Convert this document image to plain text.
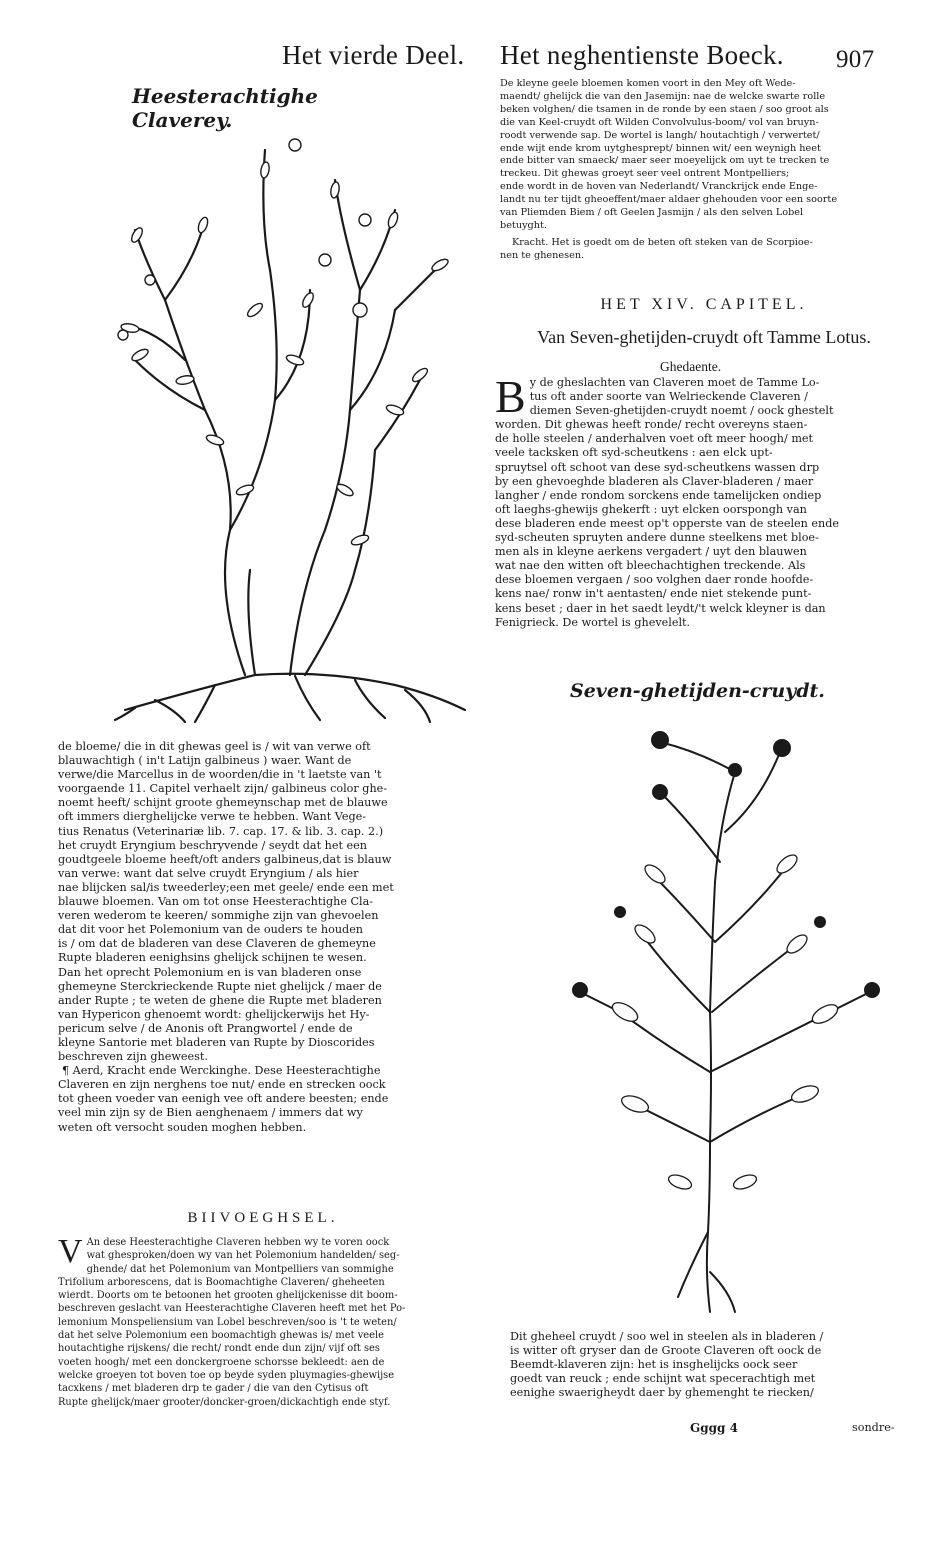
Het vierde Deel. Het neghentienste Boeck. 907
Heesterachtighe Claverey.

De kleyne geele bloemen komen voort in den Mey oft Wede-

maendt/ ghelijck die van den Jasemijn: nae de welcke swarte rolle

beken volghen/ die tsamen in de ronde by een staen / soo groot als

die van Keel-cruydt oft Wilden Convolvulus-boom/ vol van bruyn-

roodt verwende sap. De wortel is langh/ houtachtigh / verwertet/

ende wijt ende krom uytghesprept/ binnen wit/ een weynigh heet

ende bitter van smaeck/ maer seer moeyelijck om uyt te trecken te

treckeu. Dit ghewas groeyt seer veel ontrent Montpelliers;

ende wordt in de hoven van Nederlandt/ Vranckrijck ende Enge-

landt nu ter tijdt gheoeffent/maer aldaer ghehouden voor een soorte

van Pliemden Biem / oft Geelen Jasmijn / als den selven Lobel

betuyght.

Kracht. Het is goedt om de beten oft steken van de Scorpioe-

nen te ghenesen.

HET XIV. CAPITEL.
Van Seven-ghetijden-cruydt oft Tamme Lotus.
Ghedaente.
B y de gheslachten van Claveren moet de Tamme Lo-

tus oft ander soorte van Welrieckende Claveren /

diemen Seven-ghetijden-cruydt noemt / oock ghestelt

worden. Dit ghewas heeft ronde/ recht overeyns staen-

de holle steelen / anderhalven voet oft meer hoogh/ met

veele tacksken oft syd-scheutkens : aen elck upt-

spruytsel oft schoot van dese syd-scheutkens wassen drp

by een ghevoeghde bladeren als Claver-bladeren / maer

langher / ende rondom sorckens ende tamelijcken ondiep

oft laeghs-ghewijs ghekerft : uyt elcken oorspongh van

dese bladeren ende meest op't opperste van de steelen ende

syd-scheuten spruyten andere dunne steelkens met bloe-

men als in kleyne aerkens vergadert / uyt den blauwen

wat nae den witten oft bleechachtighen treckende. Als

dese bloemen vergaen / soo volghen daer ronde hoofde-

kens nae/ ronw in't aentasten/ ende niet stekende punt-

kens beset ; daer in het saedt leydt/'t welck kleyner is dan

Fenigrieck. De wortel is ghevelelt.

Seven-ghetijden-cruydt.

de bloeme/ die in dit ghewas geel is / wit van verwe oft

blauwachtigh ( in't Latijn galbineus ) waer. Want de

verwe/die Marcellus in de woorden/die in 't laetste van 't

voorgaende 11. Capitel verhaelt zijn/ galbineus color ghe-

noemt heeft/ schijnt groote ghemeynschap met de blauwe

oft immers dierghelijcke verwe te hebben. Want Vege-

tius Renatus (Veterinariæ lib. 7. cap. 17. & lib. 3. cap. 2.)

het cruydt Eryngium beschryvende / seydt dat het een

goudtgeele bloeme heeft/oft anders galbineus,dat is blauw

van verwe: want dat selve cruydt Eryngium / als hier

nae blijcken sal/is tweederley;een met geele/ ende een met

blauwe bloemen. Van om tot onse Heesterachtighe Cla-

veren wederom te keeren/ sommighe zijn van ghevoelen

dat dit voor het Polemonium van de ouders te houden

is / om dat de bladeren van dese Claveren de ghemeyne

Rupte bladeren eenighsins ghelijck schijnen te wesen.

Dan het oprecht Polemonium en is van bladeren onse

ghemeyne Sterckrieckende Rupte niet ghelijck / maer de

ander Rupte ; te weten de ghene die Rupte met bladeren

van Hypericon ghenoemt wordt: ghelijckerwijs het Hy-

pericum selve / de Anonis oft Prangwortel / ende de

kleyne Santorie met bladeren van Rupte by Dioscorides

beschreven zijn gheweest.

¶ Aerd, Kracht ende Werckinghe. Dese Heesterachtighe

Claveren en zijn nerghens toe nut/ ende en strecken oock

tot gheen voeder van eenigh vee oft andere beesten; ende

veel min zijn sy de Bien aenghenaem / immers dat wy

weten oft versocht souden moghen hebben.

BIIVOEGHSEL.
V An dese Heesterachtighe Claveren hebben wy te voren oock

wat ghesproken/doen wy van het Polemonium handelden/ seg-

ghende/ dat het Polemonium van Montpelliers van sommighe

Trifolium arborescens, dat is Boomachtighe Claveren/ gheheeten

wierdt. Doorts om te betoonen het grooten ghelijckenisse dit boom-

beschreven geslacht van Heesterachtighe Claveren heeft met het Po-

lemonium Monspeliensium van Lobel beschreven/soo is 't te weten/

dat het selve Polemonium een boomachtigh ghewas is/ met veele

houtachtighe rijskens/ die recht/ rondt ende dun zijn/ vijf oft ses

voeten hoogh/ met een donckergroene schorsse bekleedt: aen de

welcke groeyen tot boven toe op beyde syden pluymagies-ghewijse

tacxkens / met bladeren drp te gader / die van den Cytisus oft

Rupte ghelijck/maer grooter/doncker-groen/dickachtigh ende styf.

Dit gheheel cruydt / soo wel in steelen als in bladeren /

is witter oft gryser dan de Groote Claveren oft oock de

Beemdt-klaveren zijn: het is insghelijcks oock seer

goedt van reuck ; ende schijnt wat specerachtigh met

eenighe swaerigheydt daer by ghemenght te riecken/

Gggg 4	sondre-
